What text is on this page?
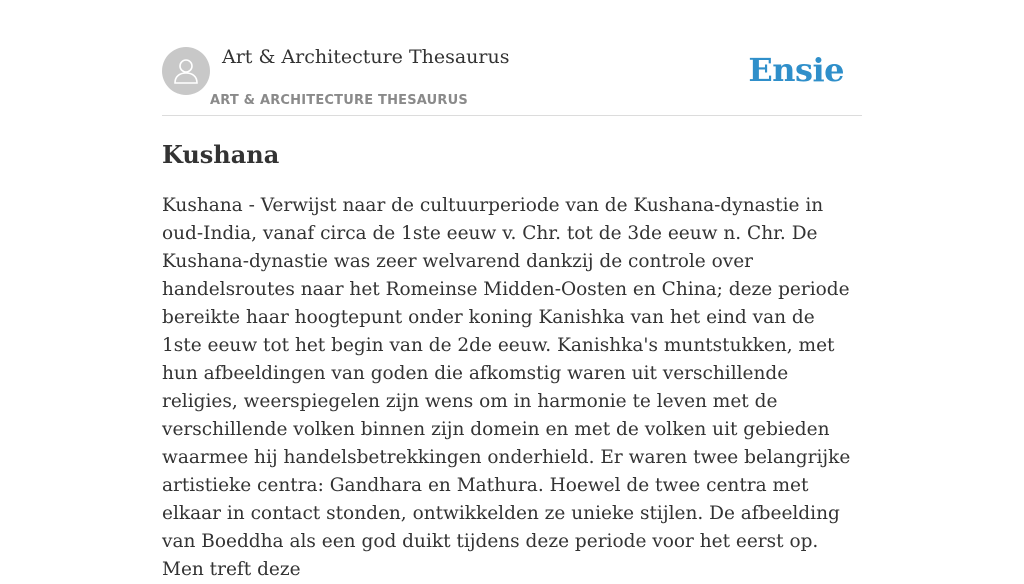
Art & Architecture Thesaurus
ART & ARCHITECTURE THESAURUS
Ensie
Kushana

Kushana - Verwijst naar de cultuurperiode van de Kushana-dynastie in oud-India, vanaf circa de 1ste eeuw v. Chr. tot de 3de eeuw n. Chr. De Kushana-dynastie was zeer welvarend dankzij de controle over handelsroutes naar het Romeinse Midden-Oosten en China; deze periode bereikte haar hoogtepunt onder koning Kanishka van het eind van de 1ste eeuw tot het begin van de 2de eeuw. Kanishka's muntstukken, met hun afbeeldingen van goden die afkomstig waren uit verschillende religies, weerspiegelen zijn wens om in harmonie te leven met de verschillende volken binnen zijn domein en met de volken uit gebieden waarmee hij handelsbetrekkingen onderhield. Er waren twee belangrijke artistieke centra: Gandhara en Mathura. Hoewel de twee centra met elkaar in contact stonden, ontwikkelden ze unieke stijlen. De afbeelding van Boeddha als een god duikt tijdens deze periode voor het eerst op. Men treft deze
